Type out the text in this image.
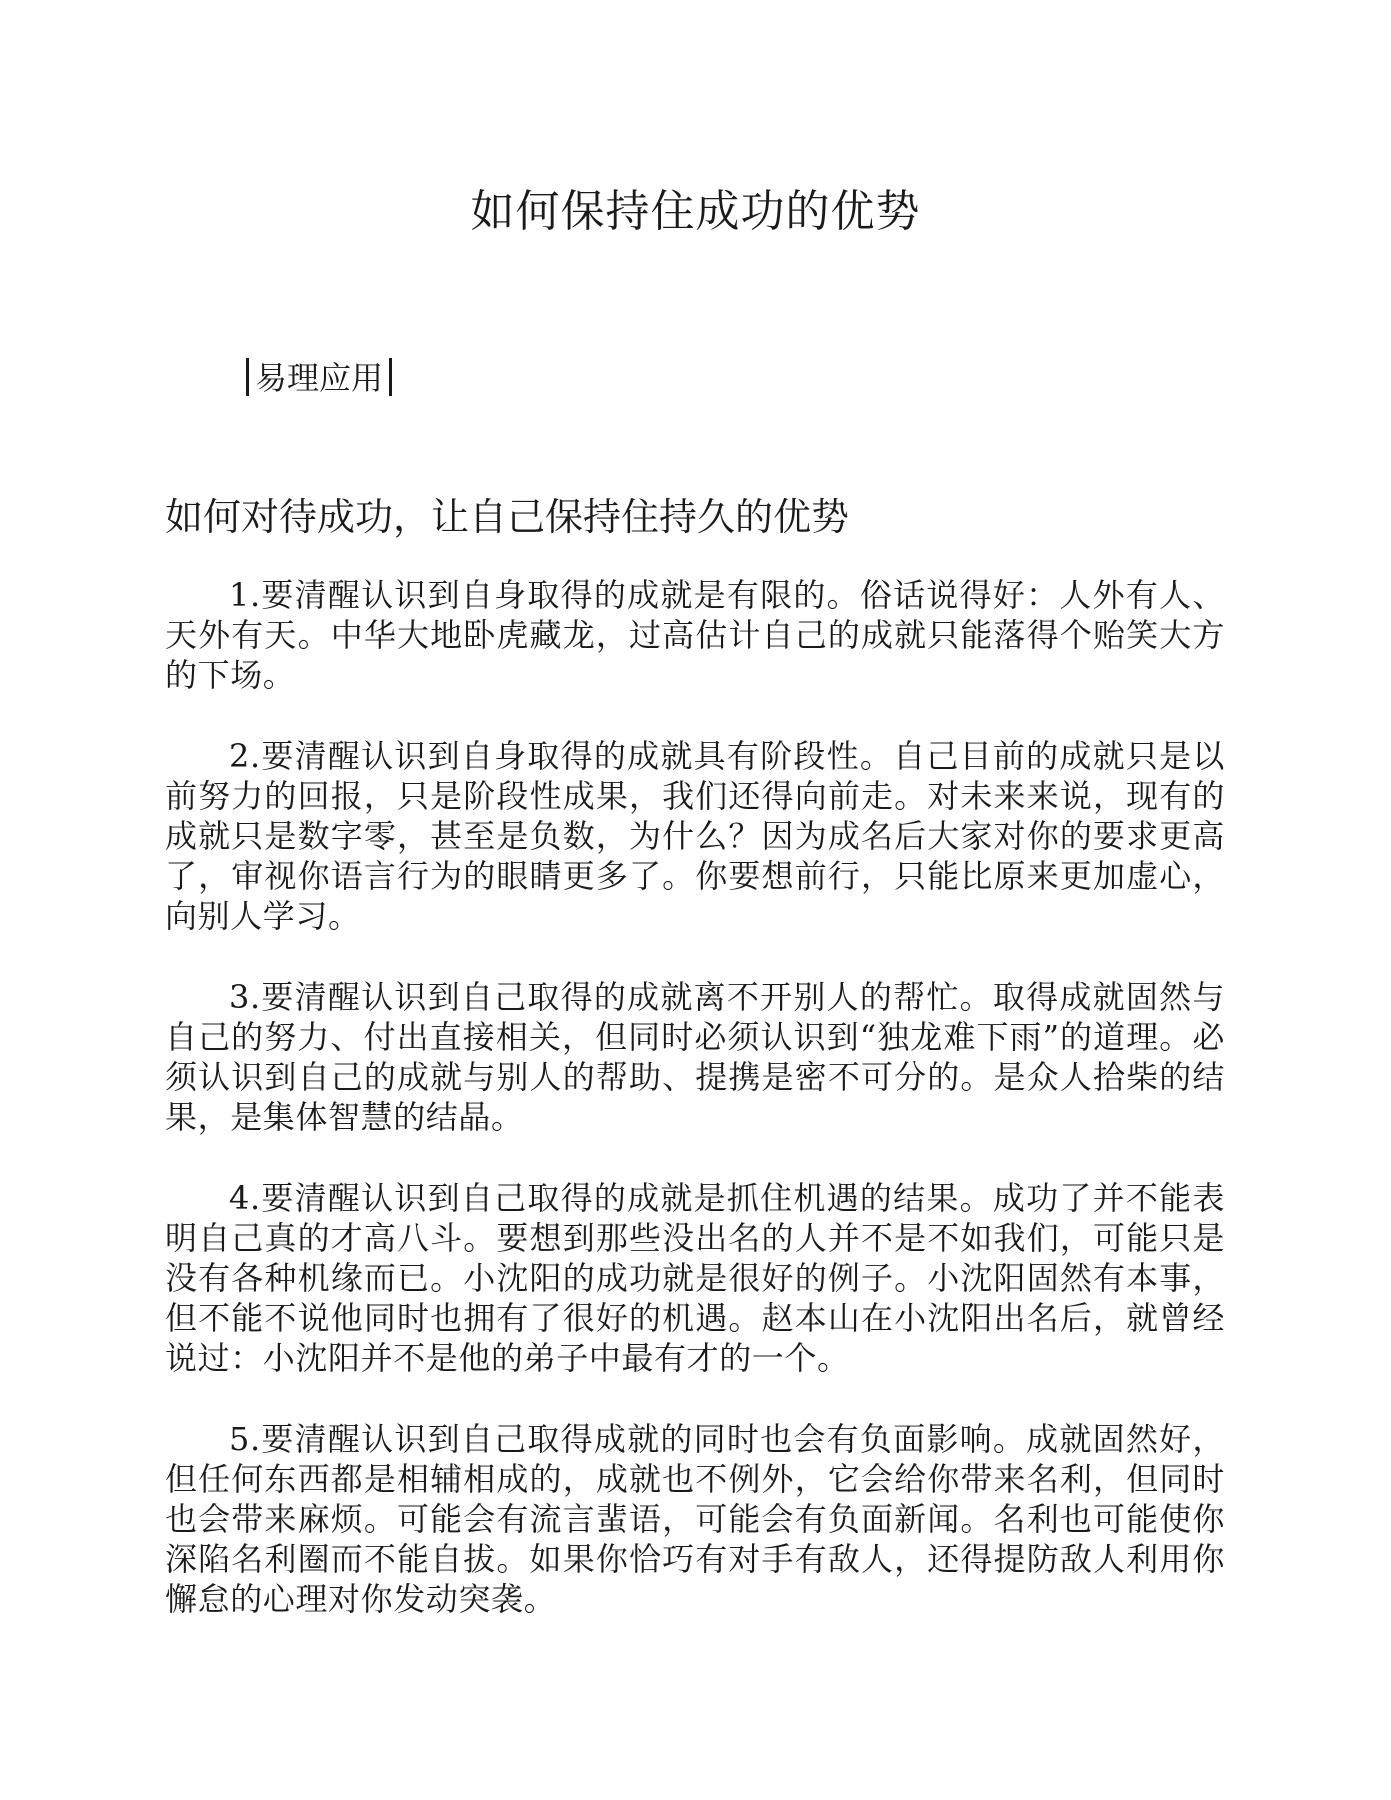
如何保持住成功的优势
易理应用
如何对待成功，让自己保持住持久的优势

1.要清醒认识到自身取得的成就是有限的。俗话说得好：人外有人、天外有天。中华大地卧虎藏龙，过高估计自己的成就只能落得个贻笑大方的下场。

2.要清醒认识到自身取得的成就具有阶段性。自己目前的成就只是以前努力的回报，只是阶段性成果，我们还得向前走。对未来来说，现有的成就只是数字零，甚至是负数，为什么？因为成名后大家对你的要求更高了，审视你语言行为的眼睛更多了。你要想前行，只能比原来更加虚心，向别人学习。

3.要清醒认识到自己取得的成就离不开别人的帮忙。取得成就固然与自己的努力、付出直接相关，但同时必须认识到“独龙难下雨”的道理。必须认识到自己的成就与别人的帮助、提携是密不可分的。是众人拾柴的结果，是集体智慧的结晶。

4.要清醒认识到自己取得的成就是抓住机遇的结果。成功了并不能表明自己真的才高八斗。要想到那些没出名的人并不是不如我们，可能只是没有各种机缘而已。小沈阳的成功就是很好的例子。小沈阳固然有本事，但不能不说他同时也拥有了很好的机遇。赵本山在小沈阳出名后，就曾经说过：小沈阳并不是他的弟子中最有才的一个。

5.要清醒认识到自己取得成就的同时也会有负面影响。成就固然好，但任何东西都是相辅相成的，成就也不例外，它会给你带来名利，但同时也会带来麻烦。可能会有流言蜚语，可能会有负面新闻。名利也可能使你深陷名利圈而不能自拔。如果你恰巧有对手有敌人，还得提防敌人利用你懈怠的心理对你发动突袭。
